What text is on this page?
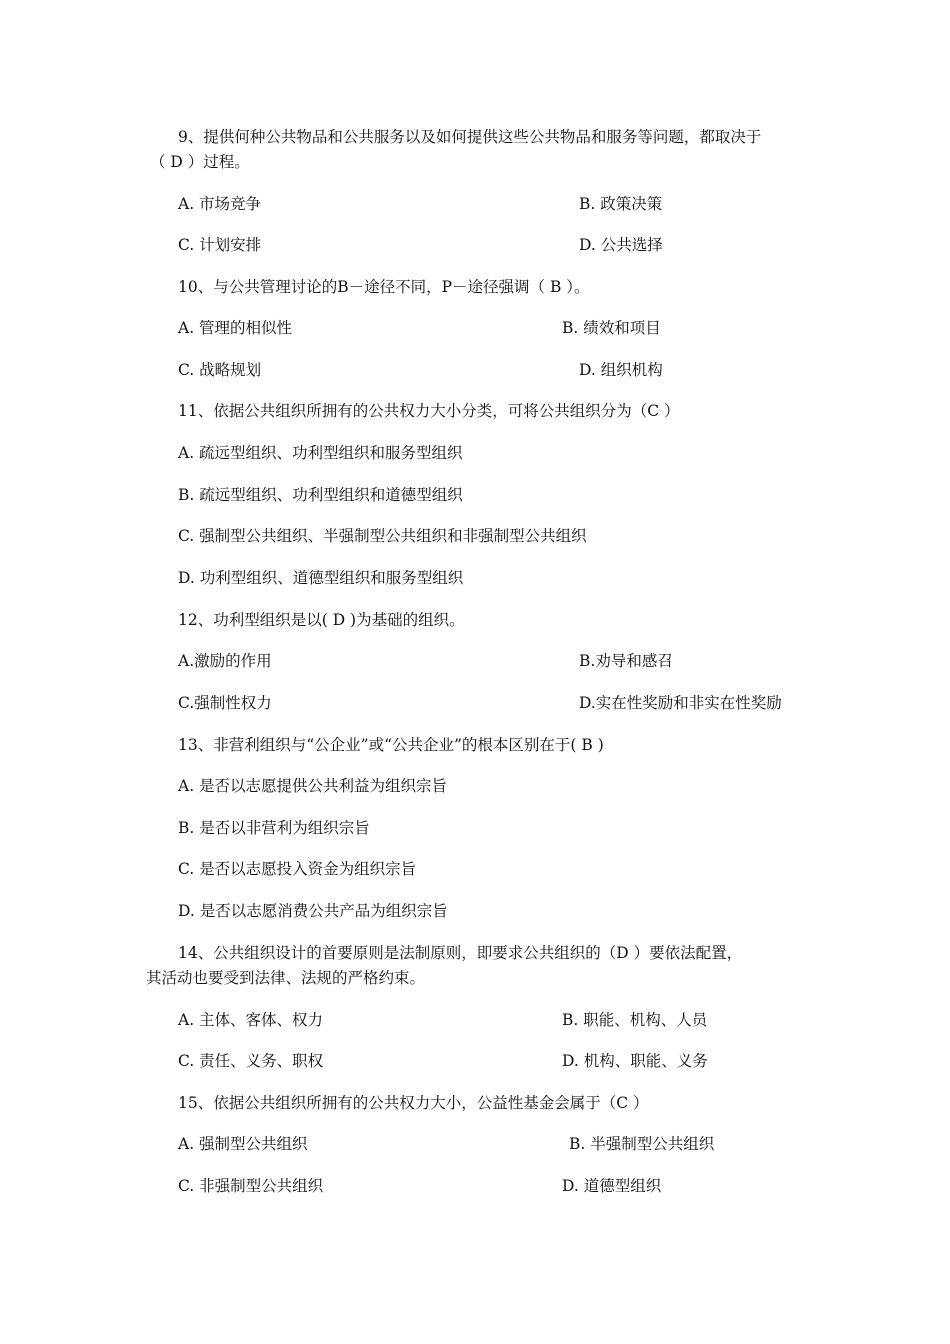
9、提供何种公共物品和公共服务以及如何提供这些公共物品和服务等问题，都取决于
（ D ）过程。
A. 市场竞争	B. 政策决策
C. 计划安排	D. 公共选择
10、与公共管理讨论的B－途径不同，P－途径强调（ B ）。
A. 管理的相似性	B. 绩效和项目
C. 战略规划	D. 组织机构
11、依据公共组织所拥有的公共权力大小分类，可将公共组织分为（C ）
A. 疏远型组织、功利型组织和服务型组织
B. 疏远型组织、功利型组织和道德型组织
C. 强制型公共组织、半强制型公共组织和非强制型公共组织
D. 功利型组织、道德型组织和服务型组织
12、功利型组织是以( D )为基础的组织。
A.激励的作用	B.劝导和感召
C.强制性权力	D.实在性奖励和非实在性奖励
13、非营利组织与“公企业”或“公共企业”的根本区别在于( B )
A. 是否以志愿提供公共利益为组织宗旨
B. 是否以非营利为组织宗旨
C. 是否以志愿投入资金为组织宗旨
D. 是否以志愿消费公共产品为组织宗旨
14、公共组织设计的首要原则是法制原则，即要求公共组织的（D ）要依法配置，
其活动也要受到法律、法规的严格约束。
A. 主体、客体、权力	B. 职能、机构、人员
C. 责任、义务、职权	D. 机构、职能、义务
15、依据公共组织所拥有的公共权力大小，公益性基金会属于（C ）
A. 强制型公共组织	B. 半强制型公共组织
C. 非强制型公共组织	D. 道德型组织
